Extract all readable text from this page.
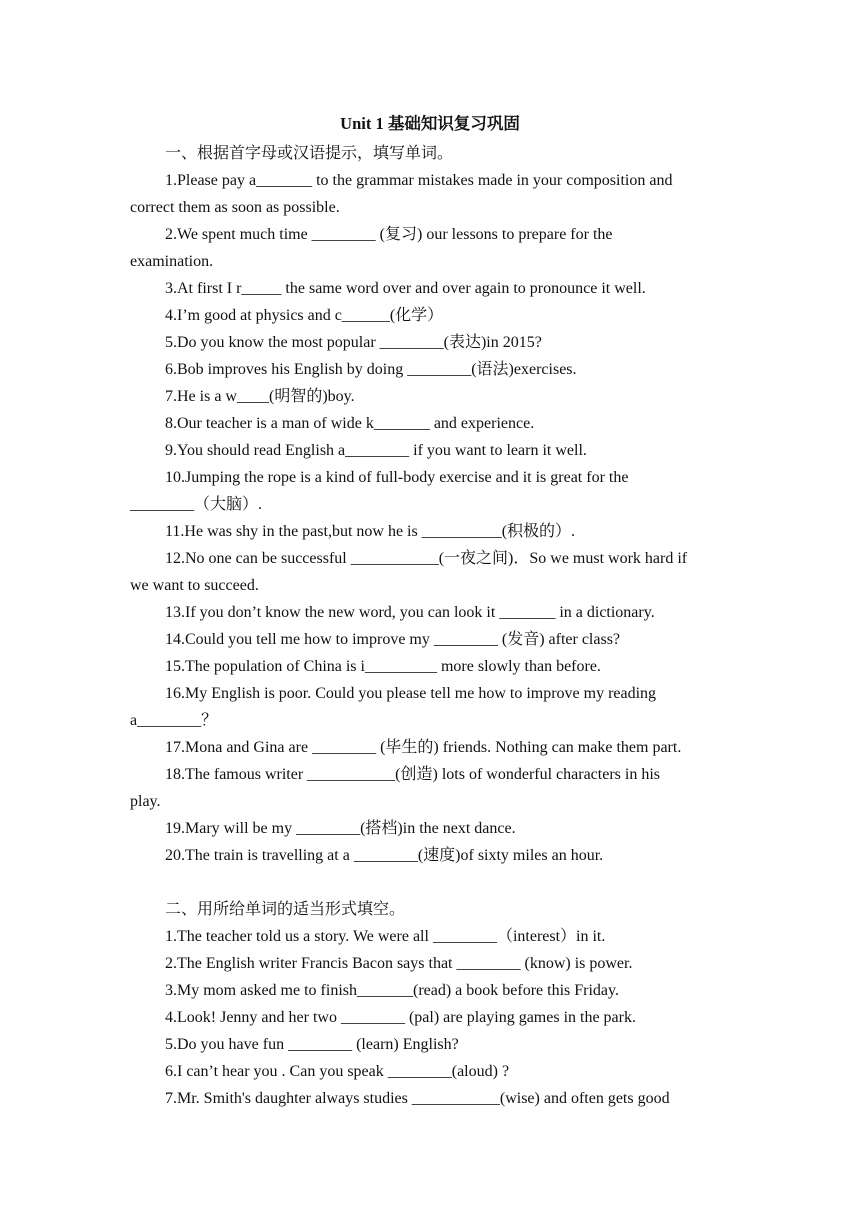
Unit 1 基础知识复习巩固
一、根据首字母或汉语提示，填写单词。
1.Please pay a_______ to the grammar mistakes made in your composition and
correct them as soon as possible.
2.We spent much time ________ (复习) our lessons to prepare for the
examination.
3.At first I r_____ the same word over and over again to pronounce it well.
4.I’m good at physics and c______(化学）
5.Do you know the most popular ________(表达)in 2015?
6.Bob improves his English by doing ________(语法)exercises.
7.He is a w____(明智的)boy.
8.Our teacher is a man of wide k_______ and experience.
9.You should read English a________ if you want to learn it well.
10.Jumping the rope is a kind of full-body exercise and it is great for the
________（大脑）.
11.He was shy in the past,but now he is __________(积极的）.
12.No one can be successful ___________(一夜之间)．So we must work hard if
we want to succeed.
13.If you don’t know the new word, you can look it _______ in a dictionary.
14.Could you tell me how to improve my ________ (发音) after class?
15.The population of China is i_________ more slowly than before.
16.My English is poor. Could you please tell me how to improve my reading
a________？
17.Mona and Gina are ________ (毕生的) friends. Nothing can make them part.
18.The famous writer ___________(创造) lots of wonderful characters in his
play.
19.Mary will be my ________(搭档)in the next dance.
20.The train is travelling at a ________(速度)of sixty miles an hour.
二、用所给单词的适当形式填空。
1.The teacher told us a story. We were all ________（interest）in it.
2.The English writer Francis Bacon says that ________ (know) is power.
3.My mom asked me to finish_______(read) a book before this Friday.
4.Look! Jenny and her two ________ (pal) are playing games in the park.
5.Do you have fun ________ (learn) English?
6.I can’t hear you . Can you speak ________(aloud) ?
7.Mr. Smith's daughter always studies ___________(wise) and often gets good
